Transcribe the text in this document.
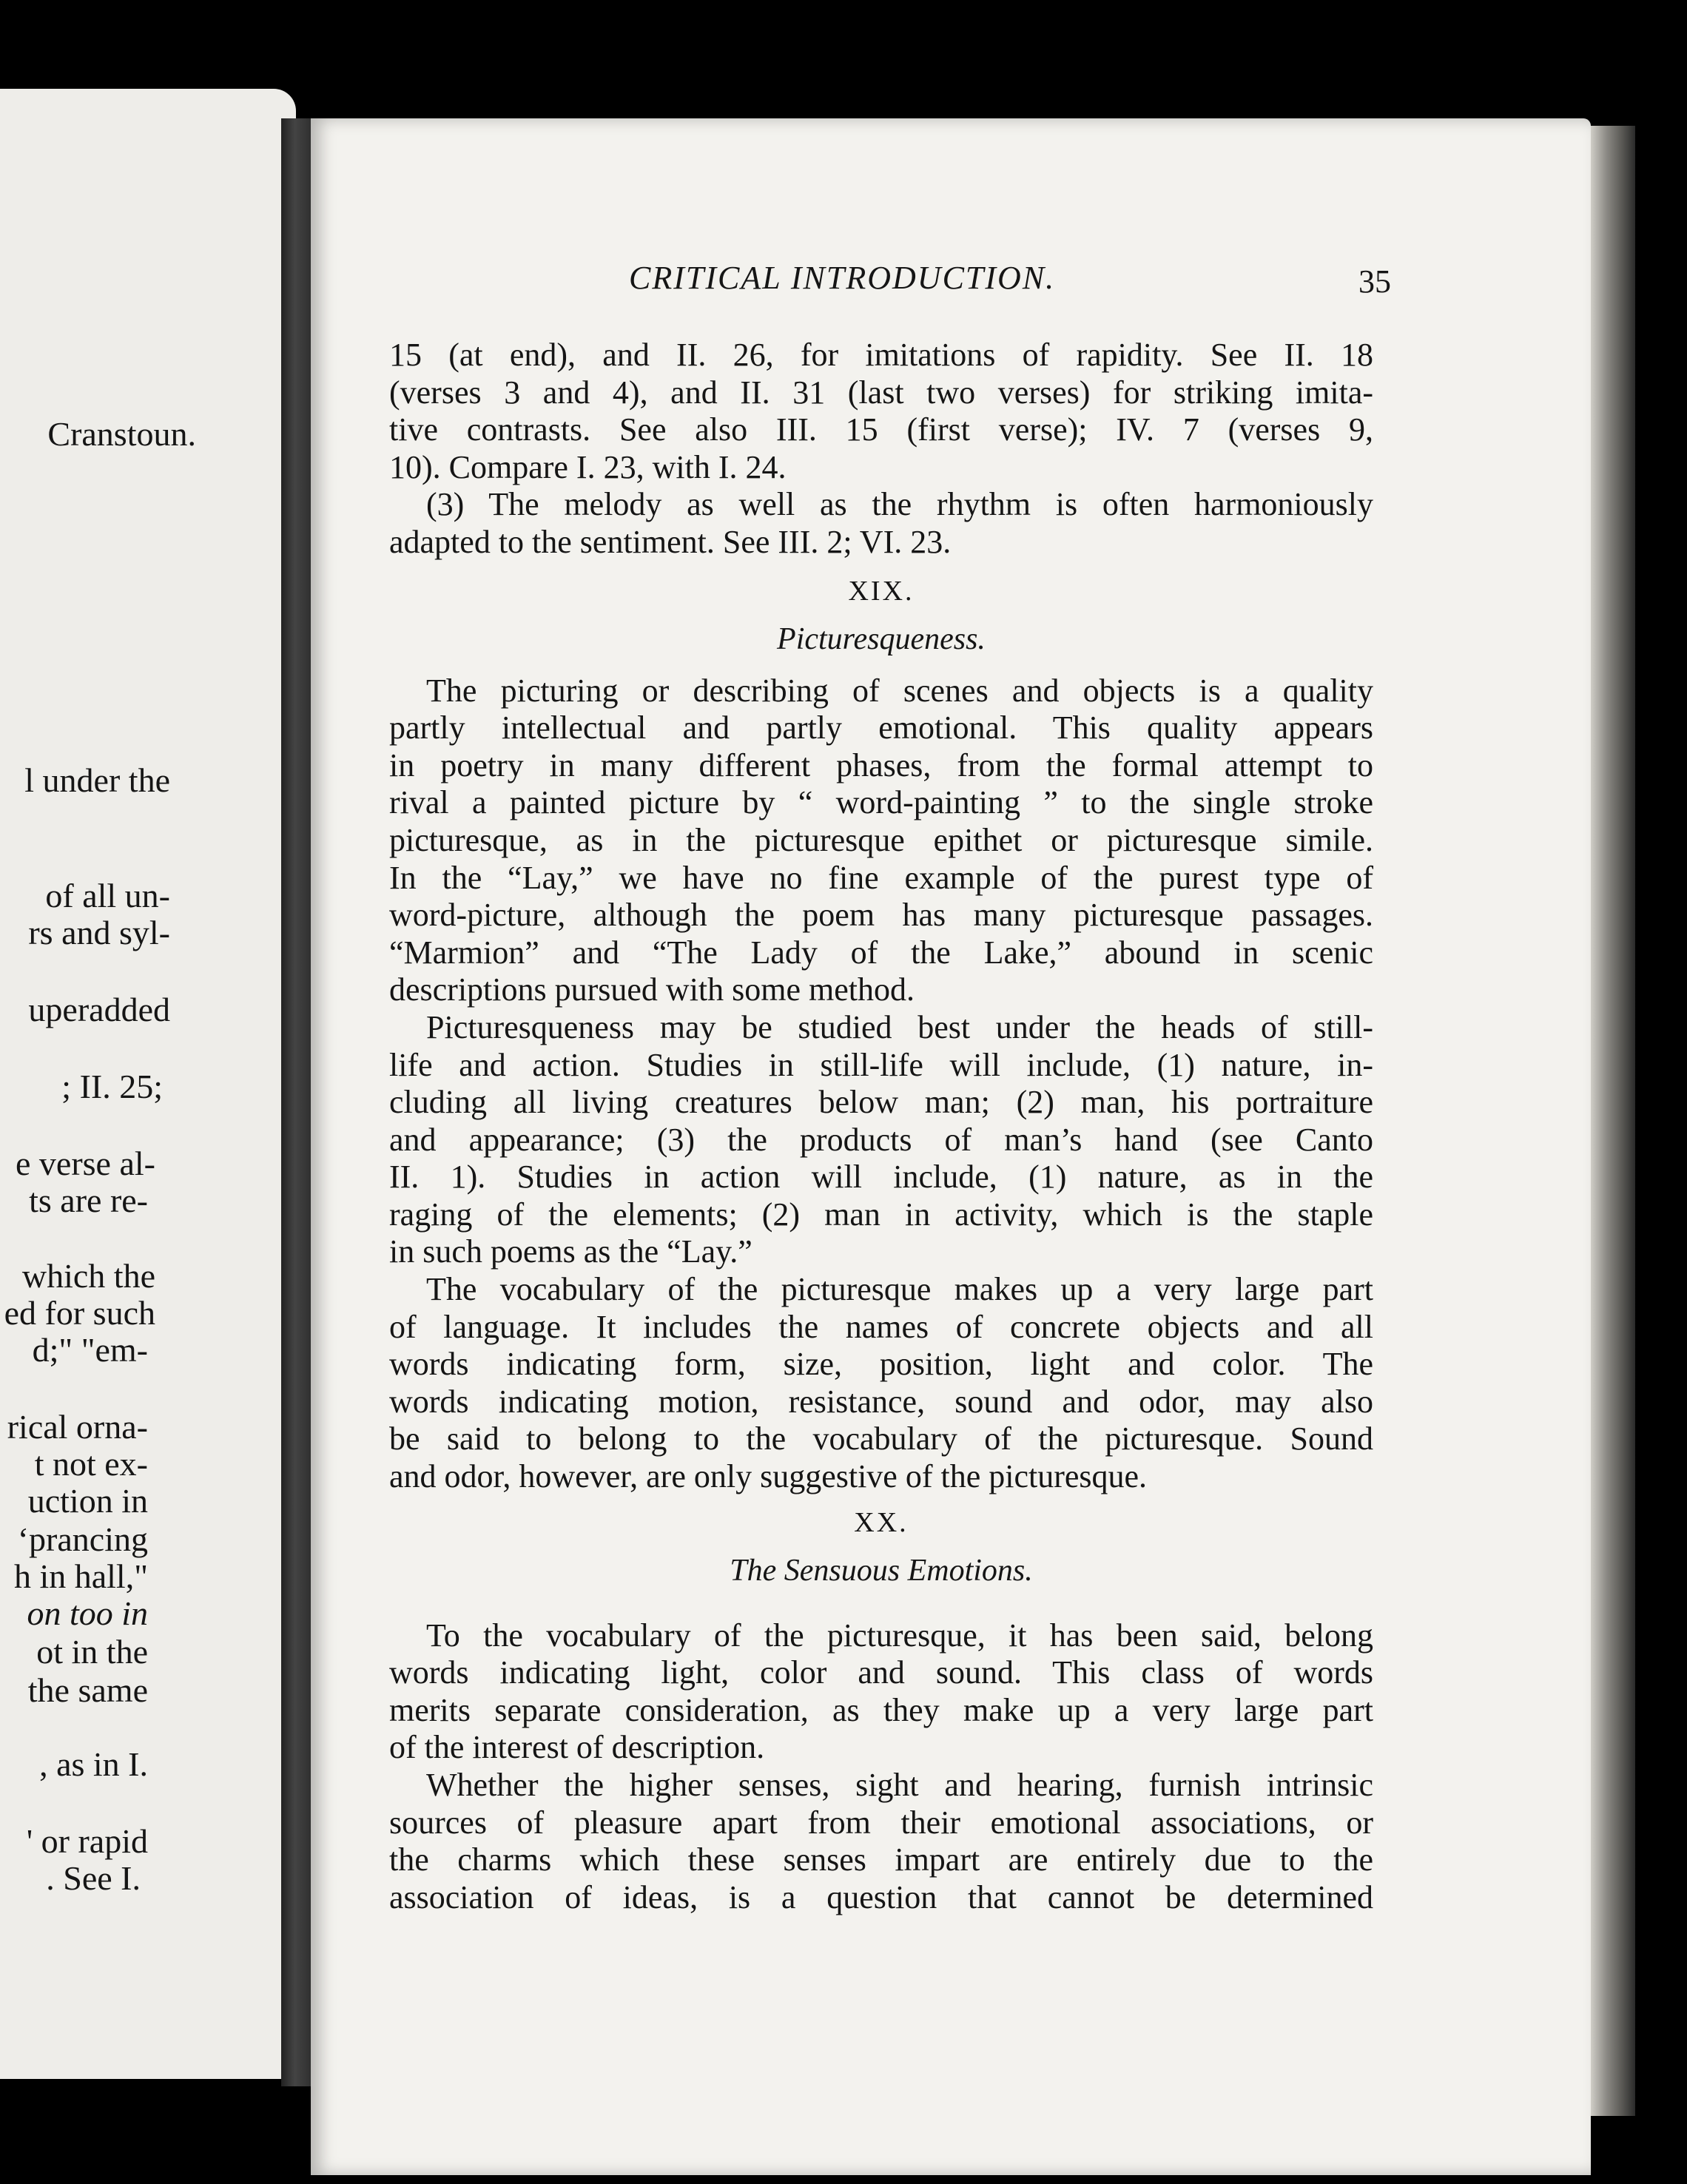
Cranstoun.
l under the
of all un-
rs and syl-
uperadded
; II. 25;
e verse al-
ts are re-
which the
ed for such
d;" "em-
rical orna-
t not ex-
uction in
‘prancing
h in hall,"
on too in
ot in the
the same
, as in I.
' or rapid
. See I.
CRITICAL INTRODUCTION.	35
15 (at end), and II. 26, for imitations of rapidity. See II. 18
(verses 3 and 4), and II. 31 (last two verses) for striking imita-
tive contrasts. See also III. 15 (first verse); IV. 7 (verses 9,
10). Compare I. 23, with I. 24.
(3) The melody as well as the rhythm is often harmoniously
adapted to the sentiment. See III. 2; VI. 23.
XIX.
Picturesqueness.
The picturing or describing of scenes and objects is a quality
partly intellectual and partly emotional. This quality appears
in poetry in many different phases, from the formal attempt to
rival a painted picture by “ word-painting ” to the single stroke
picturesque, as in the picturesque epithet or picturesque simile.
In the “Lay,” we have no fine example of the purest type of
word-picture, although the poem has many picturesque passages.
“Marmion” and “The Lady of the Lake,” abound in scenic
descriptions pursued with some method.
Picturesqueness may be studied best under the heads of still-
life and action. Studies in still-life will include, (1) nature, in-
cluding all living creatures below man; (2) man, his portraiture
and appearance; (3) the products of man’s hand (see Canto
II. 1). Studies in action will include, (1) nature, as in the
raging of the elements; (2) man in activity, which is the staple
in such poems as the “Lay.”
The vocabulary of the picturesque makes up a very large part
of language. It includes the names of concrete objects and all
words indicating form, size, position, light and color. The
words indicating motion, resistance, sound and odor, may also
be said to belong to the vocabulary of the picturesque. Sound
and odor, however, are only suggestive of the picturesque.
XX.
The Sensuous Emotions.
To the vocabulary of the picturesque, it has been said, belong
words indicating light, color and sound. This class of words
merits separate consideration, as they make up a very large part
of the interest of description.
Whether the higher senses, sight and hearing, furnish intrinsic
sources of pleasure apart from their emotional associations, or
the charms which these senses impart are entirely due to the
association of ideas, is a question that cannot be determined
